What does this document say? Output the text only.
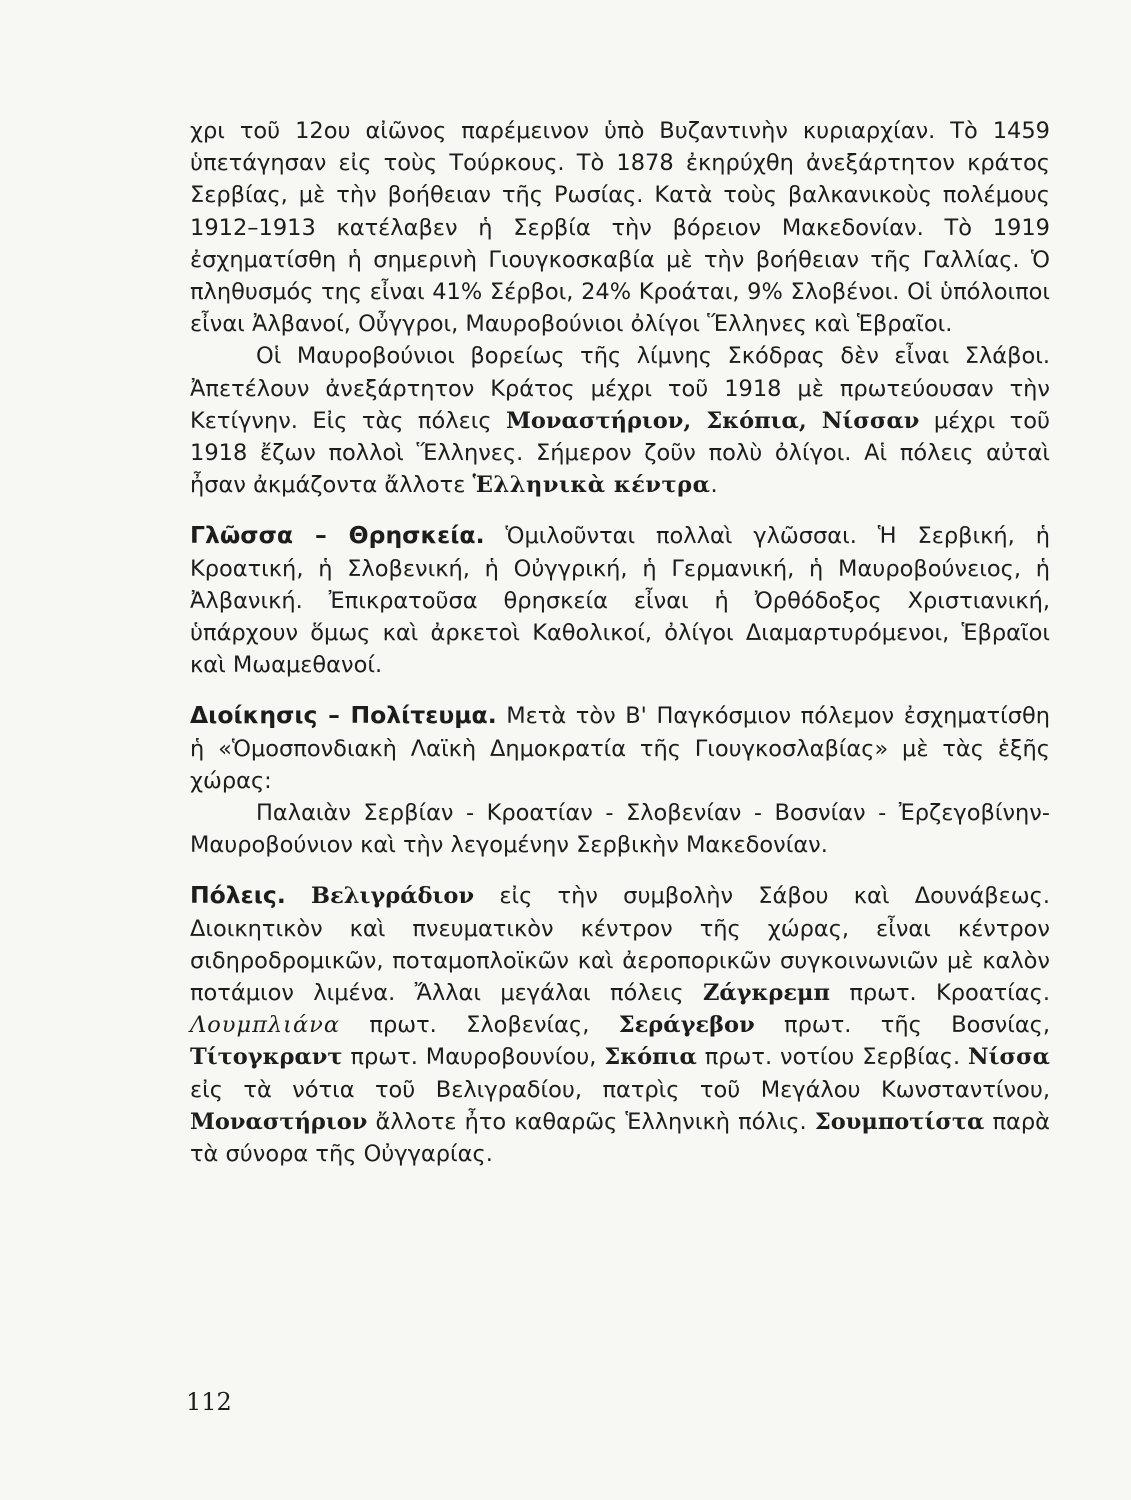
χρι τοῦ 12ου αἰῶνος παρέμεινον ὑπὸ Βυζαντινὴν κυριαρχίαν. Τὸ 1459 ὑπετάγησαν εἰς τοὺς Τούρκους. Τὸ 1878 ἐκηρύχθη ἀνεξάρτητον κράτος Σερβίας, μὲ τὴν βοήθειαν τῆς Ρωσίας. Κατὰ τοὺς βαλκανικοὺς πολέμους 1912–1913 κατέλαβεν ἡ Σερβία τὴν βόρειον Μακεδονίαν. Τὸ 1919 ἐσχηματίσθη ἡ σημερινὴ Γιουγκοσκαβία μὲ τὴν βοήθειαν τῆς Γαλλίας. Ὁ πληθυσμός της εἶναι 41% Σέρβοι, 24% Κροάται, 9% Σλοβένοι. Οἱ ὑπόλοιποι εἶναι Ἀλβανοί, Οὖγγροι, Μαυροβούνιοι ὀλίγοι Ἕλληνες καὶ Ἑβραῖοι.

Οἱ Μαυροβούνιοι βορείως τῆς λίμνης Σκόδρας δὲν εἶναι Σλάβοι. Ἀπετέλουν ἀνεξάρτητον Κράτος μέχρι τοῦ 1918 μὲ πρωτεύουσαν τὴν Κετίγνην. Εἰς τὰς πόλεις Μοναστήριον, Σκόπια, Νίσσαν μέχρι τοῦ 1918 ἔζων πολλοὶ Ἕλληνες. Σήμερον ζοῦν πολὺ ὀλίγοι. Αἱ πόλεις αὐταὶ ἦσαν ἀκμάζοντα ἄλλοτε Ἑλληνικὰ κέντρα.

Γλῶσσα – Θρησκεία. Ὁμιλοῦνται πολλαὶ γλῶσσαι. Ἡ Σερβική, ἡ Κροατική, ἡ Σλοβενική, ἡ Οὐγγρική, ἡ Γερμανική, ἡ Μαυροβούνειος, ἡ Ἀλβανική. Ἐπικρατοῦσα θρησκεία εἶναι ἡ Ὀρθόδοξος Χριστιανική, ὑπάρχουν ὅμως καὶ ἀρκετοὶ Καθολικοί, ὀλίγοι Διαμαρτυρόμενοι, Ἑβραῖοι καὶ Μωαμεθανοί.

Διοίκησις – Πολίτευμα. Μετὰ τὸν Β' Παγκόσμιον πόλεμον ἐσχηματίσθη ἡ «Ὁμοσπονδιακὴ Λαϊκὴ Δημοκρατία τῆς Γιουγκοσλαβίας» μὲ τὰς ἑξῆς χώρας:

Παλαιὰν Σερβίαν - Κροατίαν - Σλοβενίαν - Βοσνίαν - Ἐρζεγοβίνην-Μαυροβούνιον καὶ τὴν λεγομένην Σερβικὴν Μακεδονίαν.

Πόλεις. Βελιγράδιον εἰς τὴν συμβολὴν Σάβου καὶ Δουνάβεως. Διοικητικὸν καὶ πνευματικὸν κέντρον τῆς χώρας, εἶναι κέντρον σιδηροδρομικῶν, ποταμοπλοϊκῶν καὶ ἀεροπορικῶν συγκοινωνιῶν μὲ καλὸν ποτάμιον λιμένα. Ἄλλαι μεγάλαι πόλεις Ζάγκρεμπ πρωτ. Κροατίας. Λουμπλιάνα πρωτ. Σλοβενίας, Σεράγεβον πρωτ. τῆς Βοσνίας, Τίτογκραντ πρωτ. Μαυροβουνίου, Σκόπια πρωτ. νοτίου Σερβίας. Νίσσα εἰς τὰ νότια τοῦ Βελιγραδίου, πατρὶς τοῦ Μεγάλου Κωνσταντίνου, Μοναστήριον ἄλλοτε ἦτο καθαρῶς Ἑλληνικὴ πόλις. Σουμποτίστα παρὰ τὰ σύνορα τῆς Οὐγγαρίας.

112
